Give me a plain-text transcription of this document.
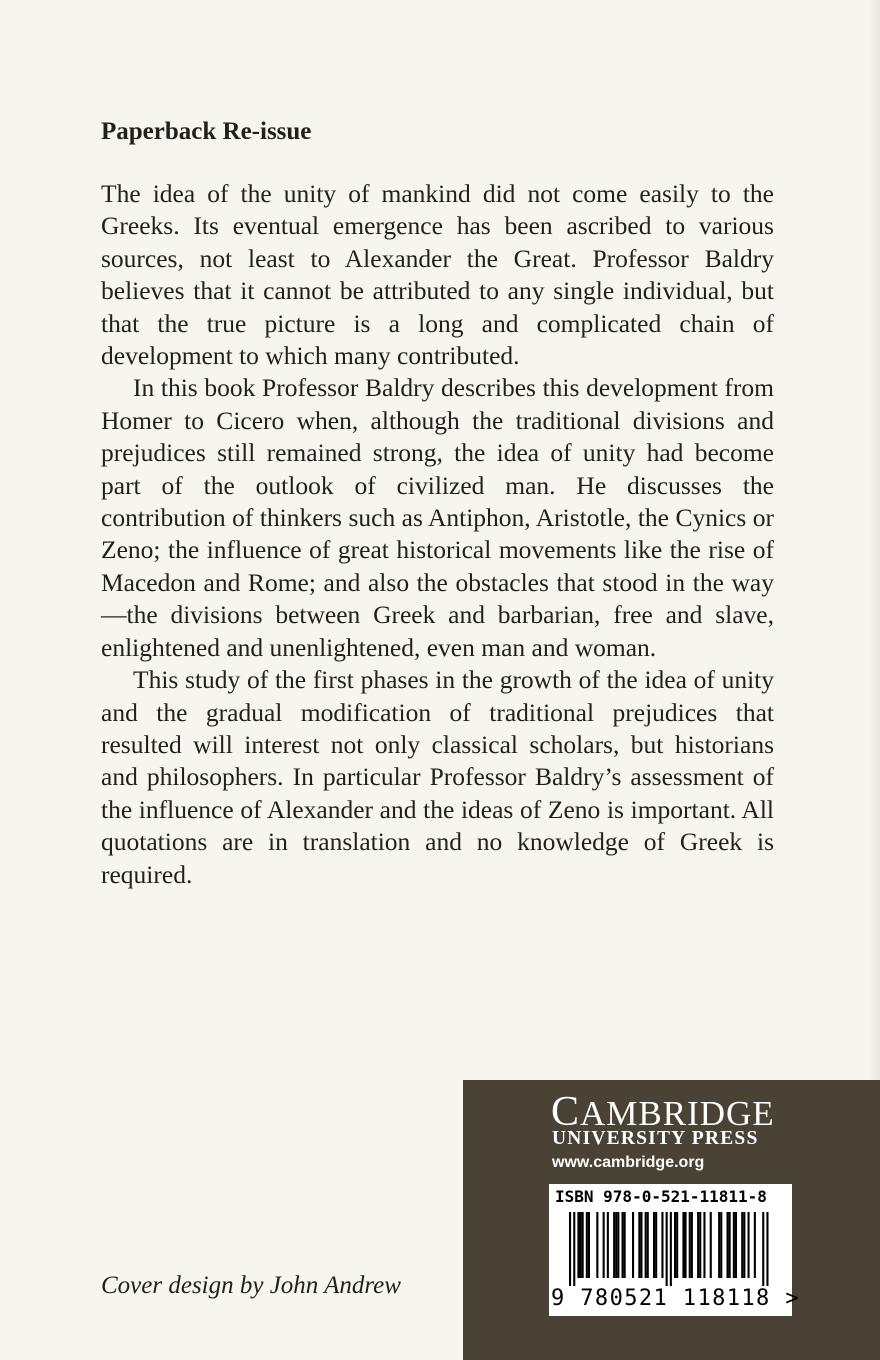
Paperback Re-issue

The idea of the unity of mankind did not come easily to the Greeks. Its eventual emergence has been ascribed to various sources, not least to Alexander the Great. Professor Baldry believes that it cannot be attributed to any single individual, but that the true picture is a long and complicated chain of development to which many contributed.

In this book Professor Baldry describes this development from Homer to Cicero when, although the traditional divisions and prejudices still remained strong, the idea of unity had become part of the outlook of civilized man. He discusses the contribution of thinkers such as Antiphon, Aristotle, the Cynics or Zeno; the influence of great historical movements like the rise of Macedon and Rome; and also the obstacles that stood in the way—the divisions between Greek and barbarian, free and slave, enlightened and unenlightened, even man and woman.

This study of the first phases in the growth of the idea of unity and the gradual modification of traditional prejudices that resulted will interest not only classical scholars, but historians and philosophers. In particular Professor Baldry’s assessment of the influence of Alexander and the ideas of Zeno is important. All quotations are in translation and no knowledge of Greek is required.

Cover design by John Andrew
CAMBRIDGE
UNIVERSITY PRESS
www.cambridge.org
ISBN 978-0-521-11811-8
9 780521 118118 >
